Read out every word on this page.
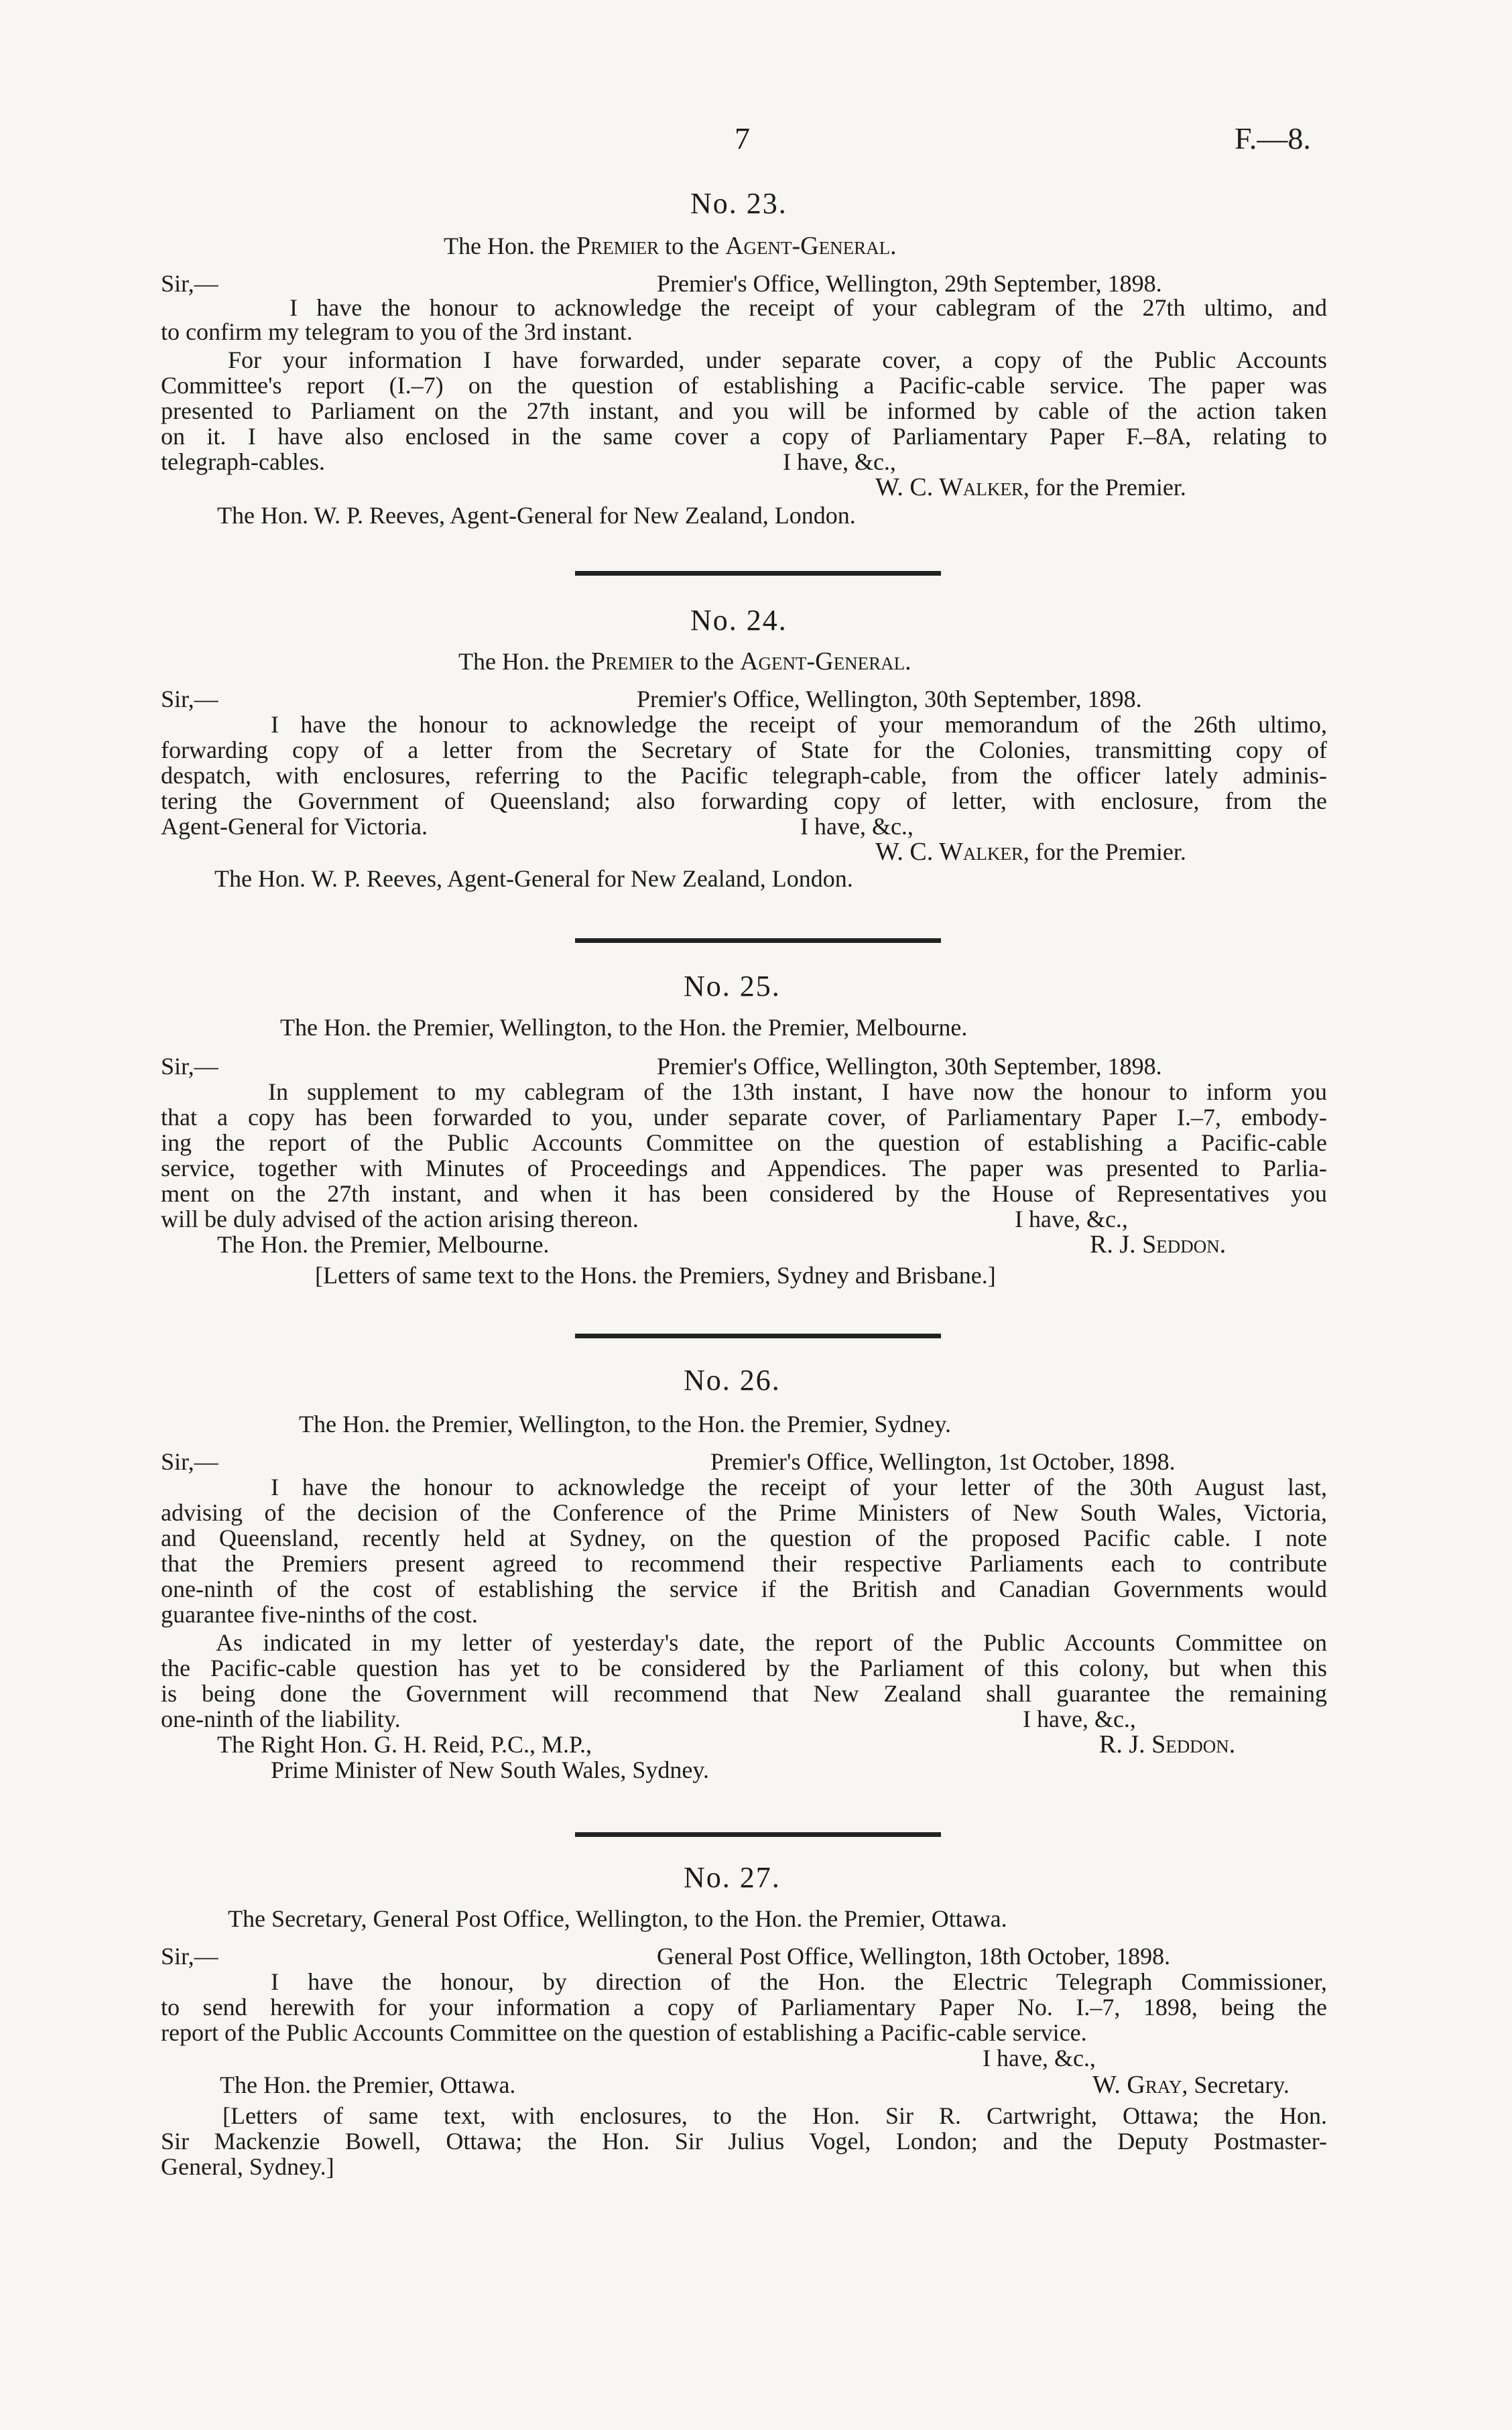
7	F.—8.
No. 23.
The Hon. the Premier to the Agent-General.
Sir,—	Premier's Office, Wellington, 29th September, 1898.
I have the honour to acknowledge the receipt of your cablegram of the 27th ultimo, and
to confirm my telegram to you of the 3rd instant.
For your information I have forwarded, under separate cover, a copy of the Public Accounts
Committee's report (I.–7) on the question of establishing a Pacific-cable service. The paper was
presented to Parliament on the 27th instant, and you will be informed by cable of the action taken
on it. I have also enclosed in the same cover a copy of Parliamentary Paper F.–8A, relating to
telegraph-cables.	I have, &c.,
W. C. Walker, for the Premier.
The Hon. W. P. Reeves, Agent-General for New Zealand, London.
No. 24.
The Hon. the Premier to the Agent-General.
Sir,—	Premier's Office, Wellington, 30th September, 1898.
I have the honour to acknowledge the receipt of your memorandum of the 26th ultimo,
forwarding copy of a letter from the Secretary of State for the Colonies, transmitting copy of
despatch, with enclosures, referring to the Pacific telegraph-cable, from the officer lately adminis-
tering the Government of Queensland; also forwarding copy of letter, with enclosure, from the
Agent-General for Victoria.	I have, &c.,
W. C. Walker, for the Premier.
The Hon. W. P. Reeves, Agent-General for New Zealand, London.
No. 25.
The Hon. the Premier, Wellington, to the Hon. the Premier, Melbourne.
Sir,—	Premier's Office, Wellington, 30th September, 1898.
In supplement to my cablegram of the 13th instant, I have now the honour to inform you
that a copy has been forwarded to you, under separate cover, of Parliamentary Paper I.–7, embody-
ing the report of the Public Accounts Committee on the question of establishing a Pacific-cable
service, together with Minutes of Proceedings and Appendices. The paper was presented to Parlia-
ment on the 27th instant, and when it has been considered by the House of Representatives you
will be duly advised of the action arising thereon.	I have, &c.,
The Hon. the Premier, Melbourne.	R. J. Seddon.
[Letters of same text to the Hons. the Premiers, Sydney and Brisbane.]
No. 26.
The Hon. the Premier, Wellington, to the Hon. the Premier, Sydney.
Sir,—	Premier's Office, Wellington, 1st October, 1898.
I have the honour to acknowledge the receipt of your letter of the 30th August last,
advising of the decision of the Conference of the Prime Ministers of New South Wales, Victoria,
and Queensland, recently held at Sydney, on the question of the proposed Pacific cable. I note
that the Premiers present agreed to recommend their respective Parliaments each to contribute
one-ninth of the cost of establishing the service if the British and Canadian Governments would
guarantee five-ninths of the cost.
As indicated in my letter of yesterday's date, the report of the Public Accounts Committee on
the Pacific-cable question has yet to be considered by the Parliament of this colony, but when this
is being done the Government will recommend that New Zealand shall guarantee the remaining
one-ninth of the liability.	I have, &c.,
The Right Hon. G. H. Reid, P.C., M.P.,	R. J. Seddon.
Prime Minister of New South Wales, Sydney.
No. 27.
The Secretary, General Post Office, Wellington, to the Hon. the Premier, Ottawa.
Sir,—	General Post Office, Wellington, 18th October, 1898.
I have the honour, by direction of the Hon. the Electric Telegraph Commissioner,
to send herewith for your information a copy of Parliamentary Paper No. I.–7, 1898, being the
report of the Public Accounts Committee on the question of establishing a Pacific-cable service.
I have, &c.,
The Hon. the Premier, Ottawa.	W. Gray, Secretary.
[Letters of same text, with enclosures, to the Hon. Sir R. Cartwright, Ottawa; the Hon.
Sir Mackenzie Bowell, Ottawa; the Hon. Sir Julius Vogel, London; and the Deputy Postmaster-
General, Sydney.]
